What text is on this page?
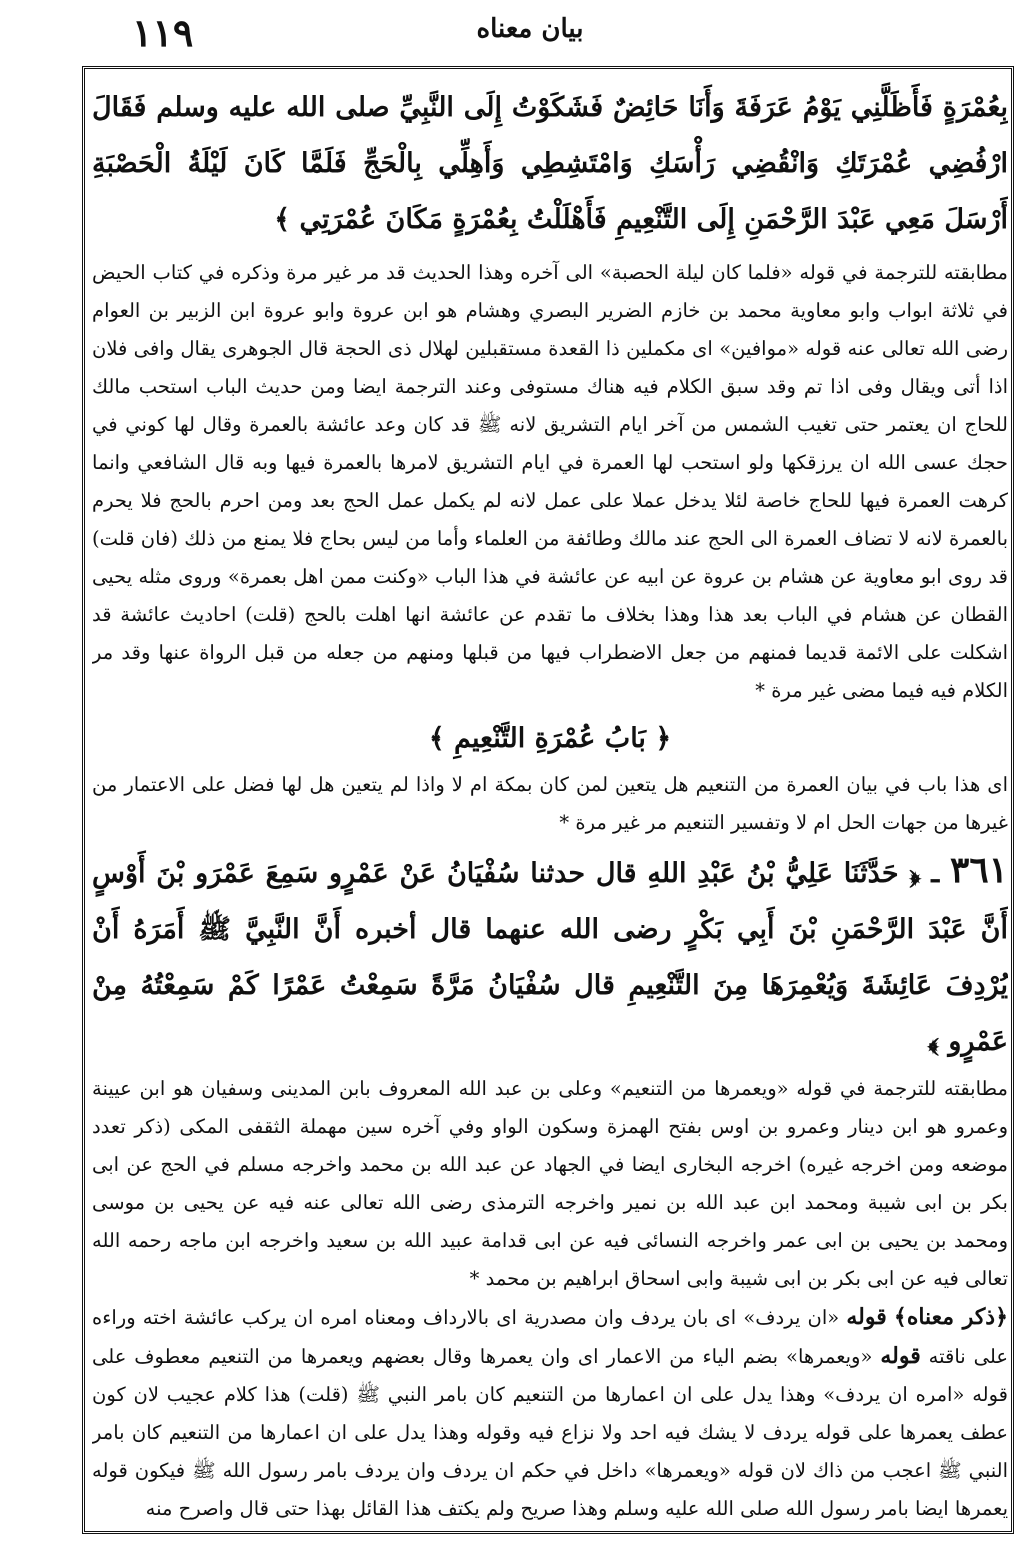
١١٩	بيان معناه

بِعُمْرَةٍ فَأَظَلَّنِي يَوْمُ عَرَفَةَ وَأَنَا حَائِضٌ فَشَكَوْتُ إِلَى النَّبِيِّ صلى الله عليه وسلم فَقَالَ ارْفُضِي عُمْرَتَكِ وَانْقُضِي رَأْسَكِ وَامْتَشِطِي وَأَهِلِّي بِالْحَجِّ فَلَمَّا كَانَ لَيْلَةُ الْحَصْبَةِ أَرْسَلَ مَعِي عَبْدَ الرَّحْمَنِ إِلَى التَّنْعِيمِ فَأَهْلَلْتُ بِعُمْرَةٍ مَكَانَ عُمْرَتِي ﴾

مطابقته للترجمة في قوله «فلما كان ليلة الحصبة» الى آخره وهذا الحديث قد مر غير مرة وذكره في كتاب الحيض في ثلاثة ابواب وابو معاوية محمد بن خازم الضرير البصري وهشام هو ابن عروة وابو عروة ابن الزبير بن العوام رضى الله تعالى عنه قوله «موافين» اى مكملين ذا القعدة مستقبلين لهلال ذى الحجة قال الجوهرى يقال وافى فلان اذا أتى ويقال وفى اذا تم وقد سبق الكلام فيه هناك مستوفى وعند الترجمة ايضا ومن حديث الباب استحب مالك للحاج ان يعتمر حتى تغيب الشمس من آخر ايام التشريق لانه ﷺ قد كان وعد عائشة بالعمرة وقال لها كوني في حجك عسى الله ان يرزقكها ولو استحب لها العمرة في ايام التشريق لامرها بالعمرة فيها وبه قال الشافعي وانما كرهت العمرة فيها للحاج خاصة لئلا يدخل عملا على عمل لانه لم يكمل عمل الحج بعد ومن احرم بالحج فلا يحرم بالعمرة لانه لا تضاف العمرة الى الحج عند مالك وطائفة من العلماء وأما من ليس بحاج فلا يمنع من ذلك (فان قلت) قد روى ابو معاوية عن هشام بن عروة عن ابيه عن عائشة في هذا الباب «وكنت ممن اهل بعمرة» وروى مثله يحيى القطان عن هشام في الباب بعد هذا وهذا بخلاف ما تقدم عن عائشة انها اهلت بالحج (قلت) احاديث عائشة قد اشكلت على الائمة قديما فمنهم من جعل الاضطراب فيها من قبلها ومنهم من جعله من قبل الرواة عنها وقد مر الكلام فيه فيما مضى غير مرة *

﴿ بَابُ عُمْرَةِ التَّنْعِيمِ ﴾

اى هذا باب في بيان العمرة من التنعيم هل يتعين لمن كان بمكة ام لا واذا لم يتعين هل لها فضل على الاعتمار من غيرها من جهات الحل ام لا وتفسير التنعيم مر غير مرة *

٣٦١ ـ ﴿ حَدَّثَنَا عَلِيُّ بْنُ عَبْدِ اللهِ قال حدثنا سُفْيَانُ عَنْ عَمْرٍو سَمِعَ عَمْرَو بْنَ أَوْسٍ أَنَّ عَبْدَ الرَّحْمَنِ بْنَ أَبِي بَكْرٍ رضى الله عنهما قال أخبره أَنَّ النَّبِيَّ ﷺ أَمَرَهُ أَنْ يُرْدِفَ عَائِشَةَ وَيُعْمِرَهَا مِنَ التَّنْعِيمِ قال سُفْيَانُ مَرَّةً سَمِعْتُ عَمْرًا كَمْ سَمِعْتُهُ مِنْ عَمْرٍو ﴾

مطابقته للترجمة في قوله «ويعمرها من التنعيم» وعلى بن عبد الله المعروف بابن المدينى وسفيان هو ابن عيينة وعمرو هو ابن دينار وعمرو بن اوس بفتح الهمزة وسكون الواو وفي آخره سين مهملة الثقفى المكى (ذكر تعدد موضعه ومن اخرجه غيره) اخرجه البخارى ايضا في الجهاد عن عبد الله بن محمد واخرجه مسلم في الحج عن ابى بكر بن ابى شيبة ومحمد ابن عبد الله بن نمير واخرجه الترمذى رضى الله تعالى عنه فيه عن يحيى بن موسى ومحمد بن يحيى بن ابى عمر واخرجه النسائى فيه عن ابى قدامة عبيد الله بن سعيد واخرجه ابن ماجه رحمه الله تعالى فيه عن ابى بكر بن ابى شيبة وابى اسحاق ابراهيم بن محمد *

﴿ذكر معناه﴾ قوله «ان يردف» اى بان يردف وان مصدرية اى بالارداف ومعناه امره ان يركب عائشة اخته وراءه على ناقته قوله «ويعمرها» بضم الياء من الاعمار اى وان يعمرها وقال بعضهم ويعمرها من التنعيم معطوف على قوله «امره ان يردف» وهذا يدل على ان اعمارها من التنعيم كان بامر النبي ﷺ (قلت) هذا كلام عجيب لان كون عطف يعمرها على قوله يردف لا يشك فيه احد ولا نزاع فيه وقوله وهذا يدل على ان اعمارها من التنعيم كان بامر النبي ﷺ اعجب من ذاك لان قوله «ويعمرها» داخل في حكم ان يردف وان يردف بامر رسول الله ﷺ فيكون قوله يعمرها ايضا بامر رسول الله صلى الله عليه وسلم وهذا صريح ولم يكتف هذا القائل بهذا حتى قال واصرح منه
